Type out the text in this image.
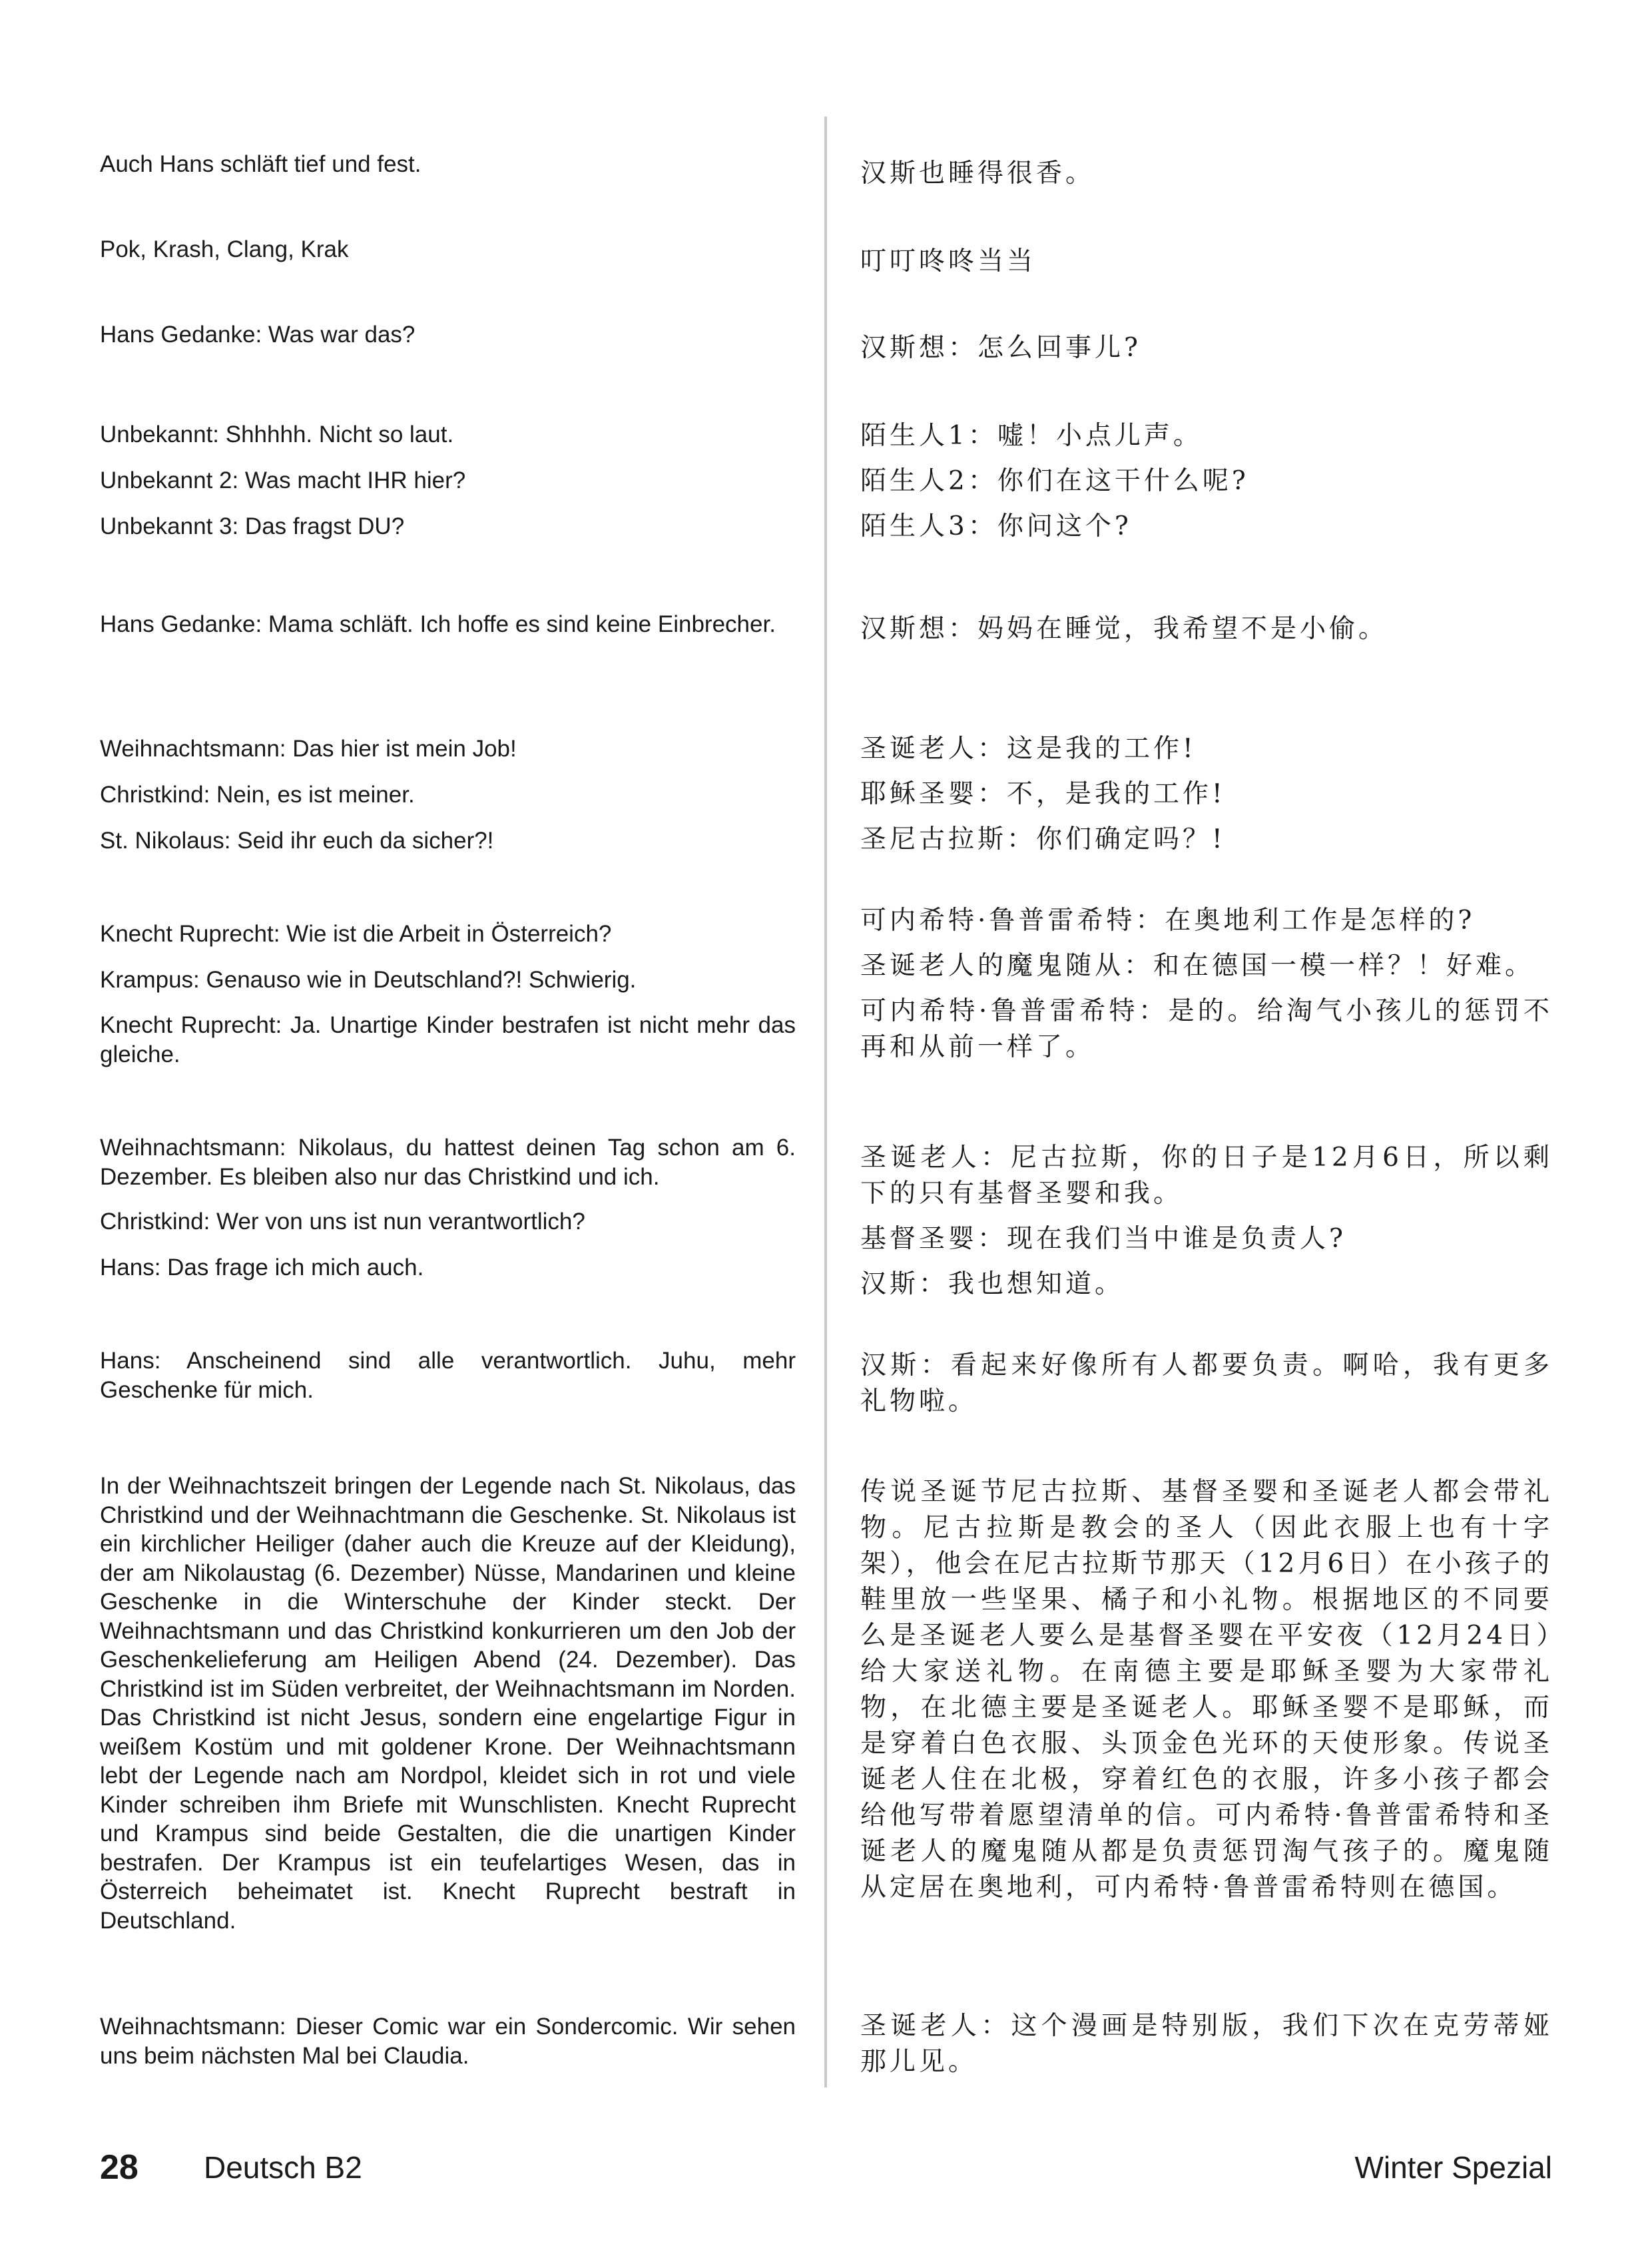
Auch Hans schläft tief und fest.
Pok, Krash, Clang, Krak
Hans Gedanke: Was war das?
Unbekannt: Shhhhh. Nicht so laut.
Unbekannt 2: Was macht IHR hier?
Unbekannt 3: Das fragst DU?
Hans Gedanke: Mama schläft. Ich hoffe es sind keine Einbrecher.
Weihnachtsmann: Das hier ist mein Job!
Christkind: Nein, es ist meiner.
St. Nikolaus: Seid ihr euch da sicher?!
Knecht Ruprecht: Wie ist die Arbeit in Österreich?
Krampus: Genauso wie in Deutschland?! Schwierig.
Knecht Ruprecht: Ja. Unartige Kinder bestrafen ist nicht mehr das gleiche.
Weihnachtsmann: Nikolaus, du hattest deinen Tag schon am 6. Dezember. Es bleiben also nur das Christkind und ich.
Christkind: Wer von uns ist nun verantwortlich?
Hans: Das frage ich mich auch.
Hans: Anscheinend sind alle verantwortlich. Juhu, mehr Geschenke für mich.
In der Weihnachtszeit bringen der Legende nach St. Nikolaus, das Christkind und der Weihnachtmann die Geschenke. St. Nikolaus ist ein kirchlicher Heiliger (daher auch die Kreuze auf der Kleidung), der am Nikolaustag (6. Dezember) Nüsse, Mandarinen und kleine Geschenke in die Winterschuhe der Kinder steckt. Der Weihnachtsmann und das Christkind konkurrieren um den Job der Geschenkelieferung am Heiligen Abend (24. Dezember). Das Christkind ist im Süden verbreitet, der Weihnachtsmann im Norden. Das Christkind ist nicht Jesus, sondern eine engelartige Figur in weißem Kostüm und mit goldener Krone. Der Weihnachtsmann lebt der Legende nach am Nordpol, kleidet sich in rot und viele Kinder schreiben ihm Briefe mit Wunschlisten. Knecht Ruprecht und Krampus sind beide Gestalten, die die unartigen Kinder bestrafen. Der Krampus ist ein teufelartiges Wesen, das in Österreich beheimatet ist. Knecht Ruprecht bestraft in Deutschland.
Weihnachtsmann: Dieser Comic war ein Sondercomic. Wir sehen uns beim nächsten Mal bei Claudia.
汉斯也睡得很香。
叮叮咚咚当当
汉斯想：怎么回事儿?
陌生人1：嘘！小点儿声。
陌生人2：你们在这干什么呢?
陌生人3：你问这个?
汉斯想：妈妈在睡觉，我希望不是小偷。
圣诞老人：这是我的工作!
耶稣圣婴：不，是我的工作!
圣尼古拉斯：你们确定吗？!
可内希特·鲁普雷希特：在奥地利工作是怎样的?
圣诞老人的魔鬼随从：和在德国一模一样？！好难。
可内希特·鲁普雷希特：是的。给淘气小孩儿的惩罚不再和从前一样了。
圣诞老人：尼古拉斯，你的日子是12月6日，所以剩下的只有基督圣婴和我。
基督圣婴：现在我们当中谁是负责人?
汉斯：我也想知道。
汉斯：看起来好像所有人都要负责。啊哈，我有更多礼物啦。
传说圣诞节尼古拉斯、基督圣婴和圣诞老人都会带礼物。尼古拉斯是教会的圣人（因此衣服上也有十字架），他会在尼古拉斯节那天（12月6日）在小孩子的鞋里放一些坚果、橘子和小礼物。根据地区的不同要么是圣诞老人要么是基督圣婴在平安夜（12月24日）给大家送礼物。在南德主要是耶稣圣婴为大家带礼物，在北德主要是圣诞老人。耶稣圣婴不是耶稣，而是穿着白色衣服、头顶金色光环的天使形象。传说圣诞老人住在北极，穿着红色的衣服，许多小孩子都会给他写带着愿望清单的信。可内希特·鲁普雷希特和圣诞老人的魔鬼随从都是负责惩罚淘气孩子的。魔鬼随从定居在奥地利，可内希特·鲁普雷希特则在德国。
圣诞老人：这个漫画是特别版，我们下次在克劳蒂娅那儿见。
28 Deutsch B2	Winter Spezial
